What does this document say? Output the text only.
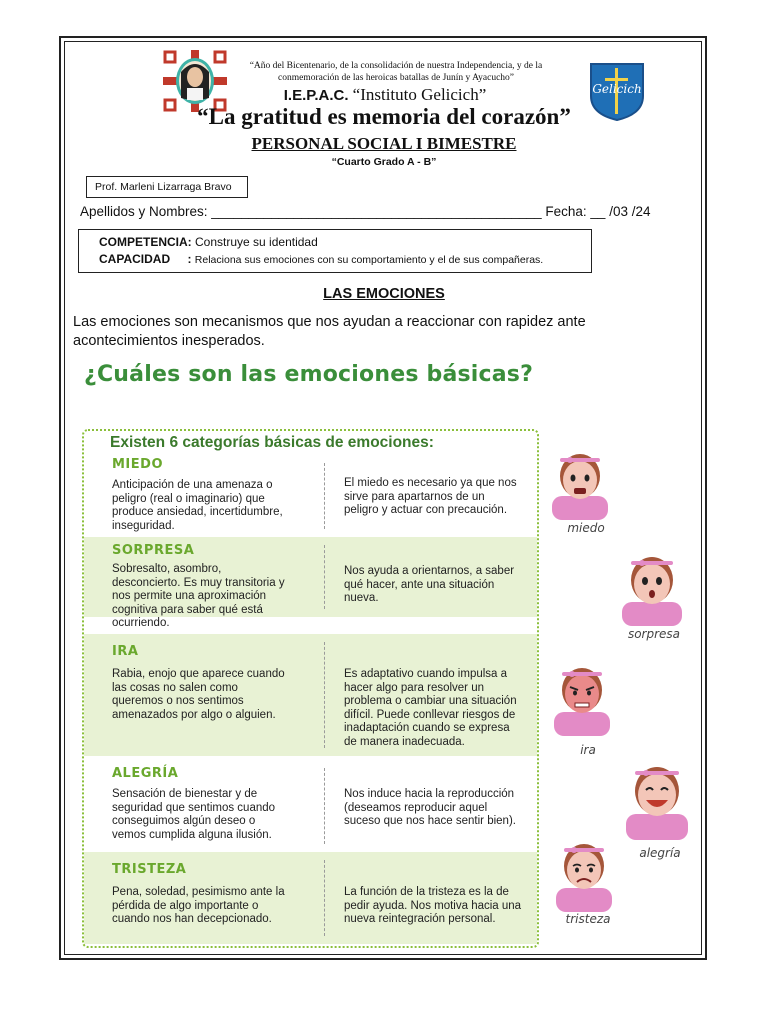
Gelicich
“Año del Bicentenario, de la consolidación de nuestra Independencia, y de la conmemoración de las heroicas batallas de Junín y Ayacucho”
I.E.P.A.C. “Instituto Gelicich”
“La gratitud es memoria del corazón”
PERSONAL SOCIAL I BIMESTRE
“Cuarto Grado A - B”
Prof. Marleni Lizarraga Bravo
Apellidos y Nombres: ____________________________________________ Fecha: __ /03 /24
COMPETENCIA: Construye su identidad
CAPACIDAD : Relaciona sus emociones con su comportamiento y el de sus compañeras.
LAS EMOCIONES
Las emociones son mecanismos que nos ayudan a reaccionar con rapidez ante acontecimientos inesperados.
¿Cuáles son las emociones básicas?
Existen 6 categorías básicas de emociones:
MIEDO
Anticipación de una amenaza o peligro (real o imaginario) que produce ansiedad, incertidumbre, inseguridad.
El miedo es necesario ya que nos sirve para apartarnos de un peligro y actuar con precaución.
SORPRESA
Sobresalto, asombro, desconcierto. Es muy transitoria y nos permite una aproximación cognitiva para saber qué está ocurriendo.
Nos ayuda a orientarnos, a saber qué hacer, ante una situación nueva.
IRA
Rabia, enojo que aparece cuando las cosas no salen como queremos o nos sentimos amenazados por algo o alguien.
Es adaptativo cuando impulsa a hacer algo para resolver un problema o cambiar una situación difícil. Puede conllevar riesgos de inadaptación cuando se expresa de manera inadecuada.
ALEGRÍA
Sensación de bienestar y de seguridad que sentimos cuando conseguimos algún deseo o vemos cumplida alguna ilusión.
Nos induce hacia la reproducción (deseamos reproducir aquel suceso que nos hace sentir bien).
TRISTEZA
Pena, soledad, pesimismo ante la pérdida de algo importante o cuando nos han decepcionado.
La función de la tristeza es la de pedir ayuda. Nos motiva hacia una nueva reintegración personal.
miedo
sorpresa
ira
alegría
tristeza
